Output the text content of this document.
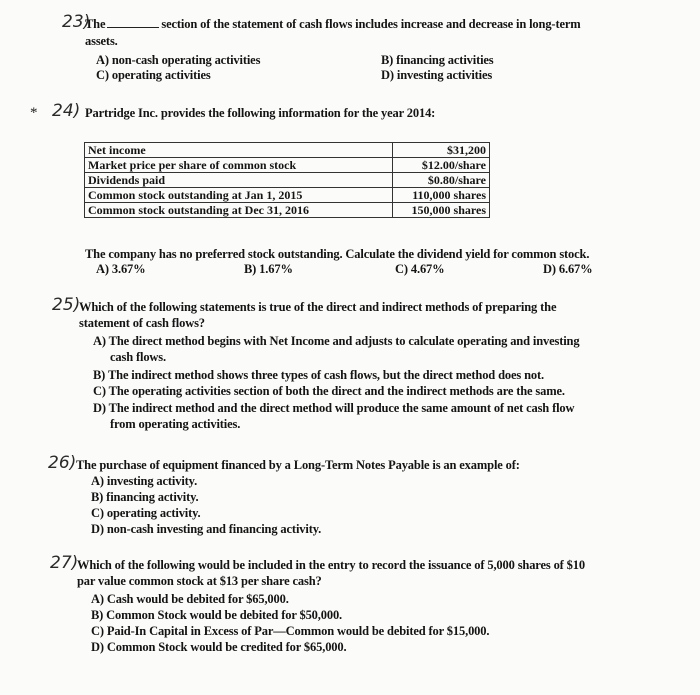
23)
The	section of the statement of cash flows includes increase and decrease in long-term
assets.
A) non-cash operating activities	B) financing activities
C) operating activities	D) investing activities
* 24) Partridge Inc. provides the following information for the year 2014:
Net income	$31,200
Market price per share of common stock	$12.00/share
Dividends paid	$0.80/share
Common stock outstanding at Jan 1, 2015	110,000 shares
Common stock outstanding at Dec 31, 2016	150,000 shares
The company has no preferred stock outstanding. Calculate the dividend yield for common stock.
A) 3.67%	B) 1.67%	C) 4.67%	D) 6.67%
25)
Which of the following statements is true of the direct and indirect methods of preparing the
statement of cash flows?
A) The direct method begins with Net Income and adjusts to calculate operating and investing
cash flows.
B) The indirect method shows three types of cash flows, but the direct method does not.
C) The operating activities section of both the direct and the indirect methods are the same.
D) The indirect method and the direct method will produce the same amount of net cash flow
from operating activities.
26) The purchase of equipment financed by a Long-Term Notes Payable is an example of:
A) investing activity.
B) financing activity.
C) operating activity.
D) non-cash investing and financing activity.
27)
Which of the following would be included in the entry to record the issuance of 5,000 shares of $10
par value common stock at $13 per share cash?
A) Cash would be debited for $65,000.
B) Common Stock would be debited for $50,000.
C) Paid-In Capital in Excess of Par—Common would be debited for $15,000.
D) Common Stock would be credited for $65,000.
